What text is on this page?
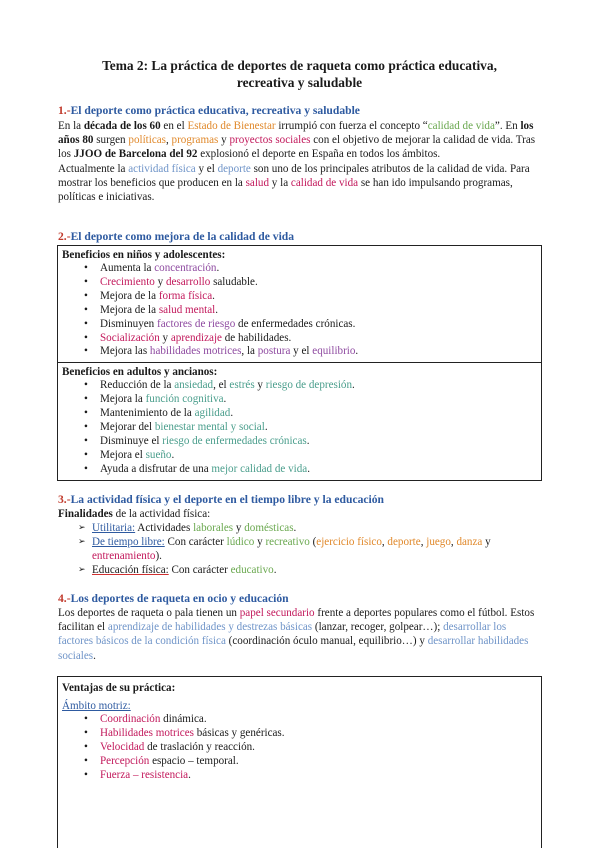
Tema 2: La práctica de deportes de raqueta como práctica educativa,
recreativa y saludable
1.-El deporte como práctica educativa, recreativa y saludable

En la década de los 60 en el Estado de Bienestar irrumpió con fuerza el concepto “calidad de vida”. En los años 80 surgen políticas, programas y proyectos sociales con el objetivo de mejorar la calidad de vida. Tras los JJOO de Barcelona del 92 explosionó el deporte en España en todos los ámbitos.

Actualmente la actividad física y el deporte son uno de los principales atributos de la calidad de vida. Para mostrar los beneficios que producen en la salud y la calidad de vida se han ido impulsando programas, políticas e iniciativas.

2.-El deporte como mejora de la calidad de vida
Beneficios en niños y adolescentes:
• Aumenta la concentración.
• Crecimiento y desarrollo saludable.
• Mejora de la forma física.
• Mejora de la salud mental.
• Disminuyen factores de riesgo de enfermedades crónicas.
• Socialización y aprendizaje de habilidades.
• Mejora las habilidades motrices, la postura y el equilibrio.
Beneficios en adultos y ancianos:
• Reducción de la ansiedad, el estrés y riesgo de depresión.
• Mejora la función cognitiva.
• Mantenimiento de la agilidad.
• Mejorar del bienestar mental y social.
• Disminuye el riesgo de enfermedades crónicas.
• Mejora el sueño.
• Ayuda a disfrutar de una mejor calidad de vida.
3.-La actividad física y el deporte en el tiempo libre y la educación
Finalidades de la actividad física:
➢ Utilitaria: Actividades laborales y domésticas.
➢ De tiempo libre: Con carácter lúdico y recreativo (ejercicio físico, deporte, juego, danza y entrenamiento).
➢ Educación física: Con carácter educativo.
4.-Los deportes de raqueta en ocio y educación

Los deportes de raqueta o pala tienen un papel secundario frente a deportes populares como el fútbol. Estos facilitan el aprendizaje de habilidades y destrezas básicas (lanzar, recoger, golpear…); desarrollar los factores básicos de la condición física (coordinación óculo manual, equilibrio…) y desarrollar habilidades sociales.

Ventajas de su práctica:
Ámbito motriz:
• Coordinación dinámica.
• Habilidades motrices básicas y genéricas.
• Velocidad de traslación y reacción.
• Percepción espacio – temporal.
• Fuerza – resistencia.
